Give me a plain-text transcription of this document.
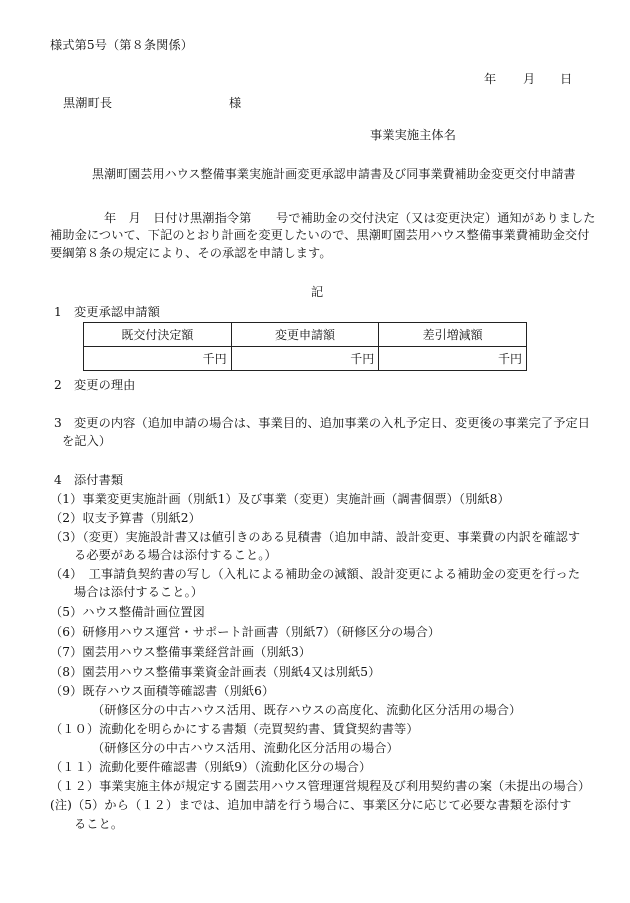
様式第5号（第８条関係）
年 月 日
黒潮町長	様
事業実施主体名
黒潮町園芸用ハウス整備事業実施計画変更承認申請書及び同事業費補助金変更交付申請書
年　月　日付け黒潮指令第　　号で補助金の交付決定（又は変更決定）通知がありました
補助金について、下記のとおり計画を変更したいので、黒潮町園芸用ハウス整備事業費補助金交付
要綱第８条の規定により、その承認を申請します。
記
1 変更承認申請額
既交付決定額	変更申請額	差引増減額
千円	千円	千円
2 変更の理由
3 変更の内容（追加申請の場合は、事業目的、追加事業の入札予定日、変更後の事業完了予定日
を記入）
4 添付書類
（1）事業変更実施計画（別紙1）及び事業（変更）実施計画（調書個票）（別紙8）
（2）収支予算書（別紙2）
（3）（変更）実施設計書又は値引きのある見積書（追加申請、設計変更、事業費の内訳を確認す
る必要がある場合は添付すること。）
（4）　工事請負契約書の写し（入札による補助金の減額、設計変更による補助金の変更を行った
場合は添付すること。）
（5）ハウス整備計画位置図
（6）研修用ハウス運営・サポート計画書（別紙7）（研修区分の場合）
（7）園芸用ハウス整備事業経営計画（別紙3）
（8）園芸用ハウス整備事業資金計画表（別紙4又は別紙5）
（9）既存ハウス面積等確認書（別紙6）
（研修区分の中古ハウス活用、既存ハウスの高度化、流動化区分活用の場合）
（１０）流動化を明らかにする書類（売買契約書、賃貸契約書等）
（研修区分の中古ハウス活用、流動化区分活用の場合）
（１１）流動化要件確認書（別紙9）（流動化区分の場合）
（１２）事業実施主体が規定する園芸用ハウス管理運営規程及び利用契約書の案（未提出の場合）
(注)（5）から（１２）までは、追加申請を行う場合に、事業区分に応じて必要な書類を添付す
ること。
